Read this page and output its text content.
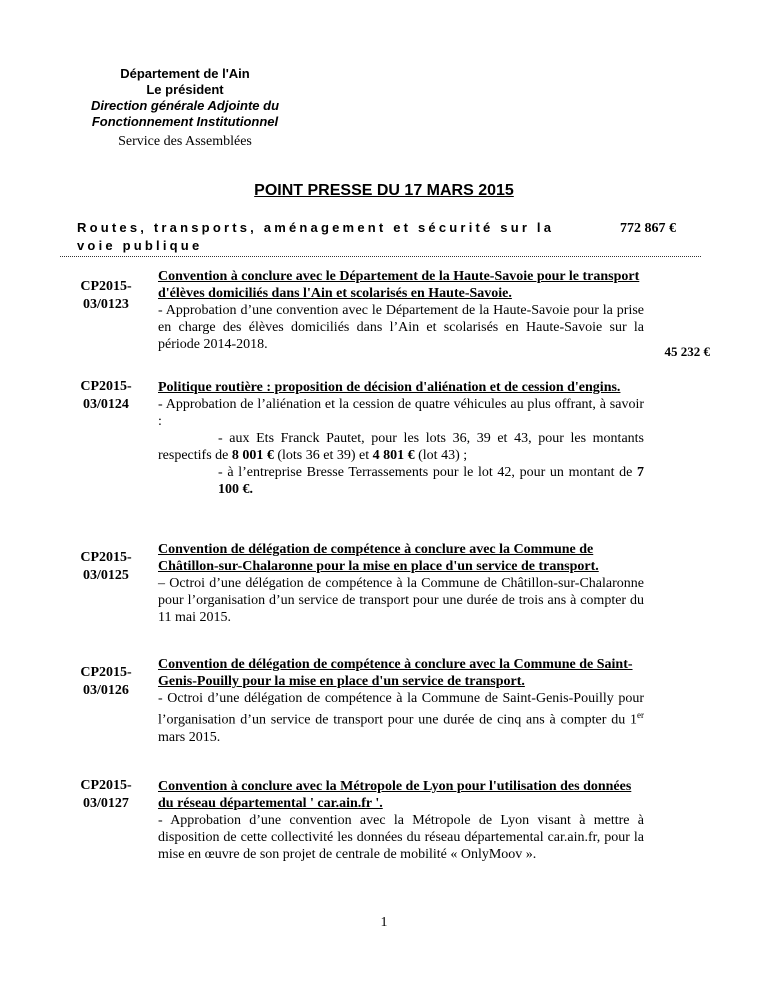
Département de l'Ain
Le président
Direction générale Adjointe du
Fonctionnement Institutionnel
Service des Assemblées
POINT PRESSE DU 17 MARS 2015
Routes, transports, aménagement et sécurité sur la voie publique
772 867 €
CP2015-
03/0123
Convention à conclure avec le Département de la Haute-Savoie pour le transport d'élèves domiciliés dans l'Ain et scolarisés en Haute-Savoie.
- Approbation d’une convention avec le Département de la Haute-Savoie pour la prise en charge des élèves domiciliés dans l’Ain et scolarisés en Haute-Savoie sur la période 2014-2018.	45 232 €
CP2015-
03/0124
Politique routière : proposition de décision d'aliénation et de cession d'engins.
- Approbation de l’aliénation et la cession de quatre véhicules au plus offrant, à savoir :
- aux Ets Franck Pautet, pour les lots 36, 39 et 43, pour les montants respectifs de 8 001 € (lots 36 et 39) et 4 801 € (lot 43) ;
- à l’entreprise Bresse Terrassements pour le lot 42, pour un montant de 7 100 €.
CP2015-
03/0125
Convention de délégation de compétence à conclure avec la Commune de Châtillon-sur-Chalaronne pour la mise en place d'un service de transport.
– Octroi d’une délégation de compétence à la Commune de Châtillon-sur-Chalaronne pour l’organisation d’un service de transport pour une durée de trois ans à compter du 11 mai 2015.
CP2015-
03/0126
Convention de délégation de compétence à conclure avec la Commune de Saint-Genis-Pouilly pour la mise en place d'un service de transport.
- Octroi d’une délégation de compétence à la Commune de Saint-Genis-Pouilly pour l’organisation d’un service de transport pour une durée de cinq ans à compter du 1er mars 2015.
CP2015-
03/0127
Convention à conclure avec la Métropole de Lyon pour l'utilisation des données du réseau départemental ' car.ain.fr '.
- Approbation d’une convention avec la Métropole de Lyon visant à mettre à disposition de cette collectivité les données du réseau départemental car.ain.fr, pour la mise en œuvre de son projet de centrale de mobilité « OnlyMoov ».
1
